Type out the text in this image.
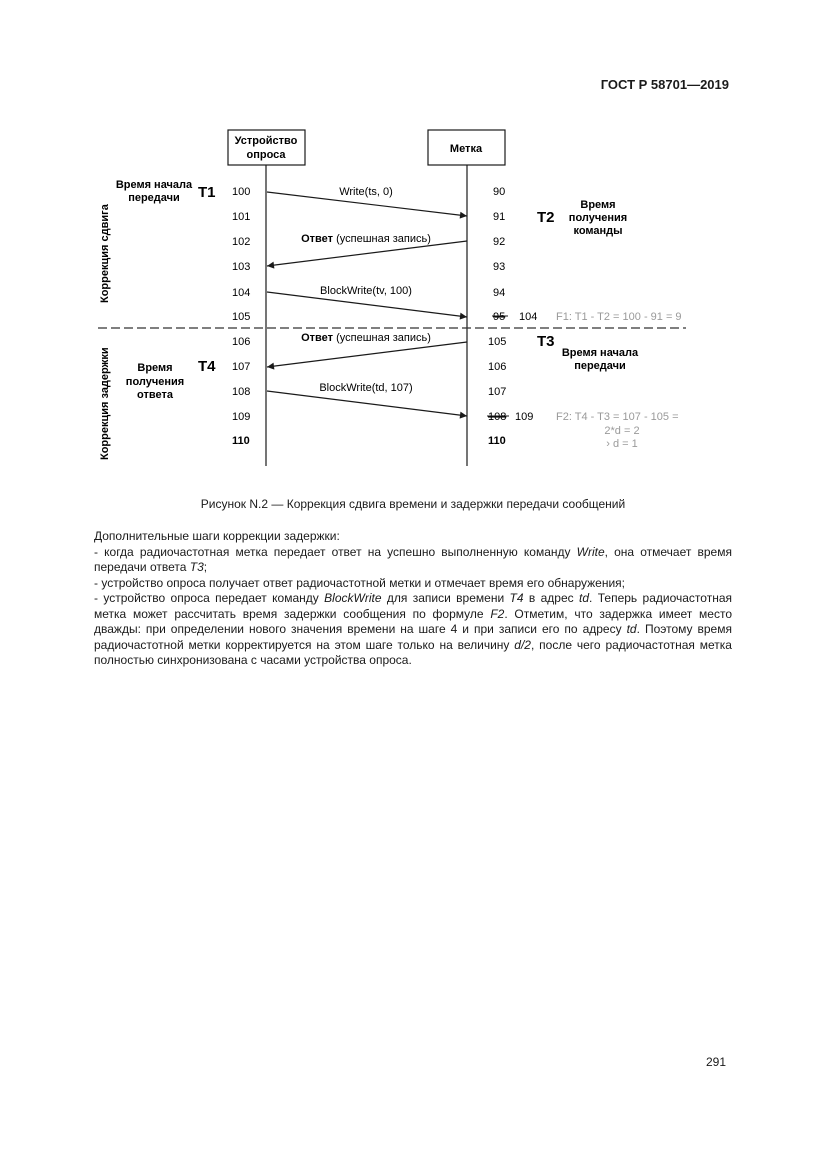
ГОСТ Р 58701—2019
Устройство
опроса	Метка
Коррекция сдвига
Коррекция задержки
Время начала
передачи T1
T2
Время
получения
команды
T3
Время начала
передачи
T4
Время
получения
ответа
100
101
102
103
104
105
106
107
108
109
110
90
91
92
93
94
95
105
106
107
108
110
104
109
F1: T1 - T2 = 100 - 91 = 9
F2: T4 - T3 = 107 - 105 =
2*d = 2
› d = 1
Write(ts, 0)
Ответ (успешная запись)
BlockWrite(tv, 100)
Ответ (успешная запись)
BlockWrite(td, 107)
Рисунок N.2 — Коррекция сдвига времени и задержки передачи сообщений

Дополнительные шаги коррекции задержки:

- когда радиочастотная метка передает ответ на успешно выполненную команду Write, она отмечает время передачи ответа T3;

- устройство опроса получает ответ радиочастотной метки и отмечает время его обнаружения;

- устройство опроса передает команду BlockWrite для записи времени T4 в адрес td. Теперь радиочастотная метка может рассчитать время задержки сообщения по формуле F2. Отметим, что задержка имеет место дважды: при определении нового значения времени на шаге 4 и при записи его по адресу td. Поэтому время радиочастотной метки корректируется на этом шаге только на величину d/2, после чего радиочастотная метка полностью синхронизована с часами устройства опроса.

291
